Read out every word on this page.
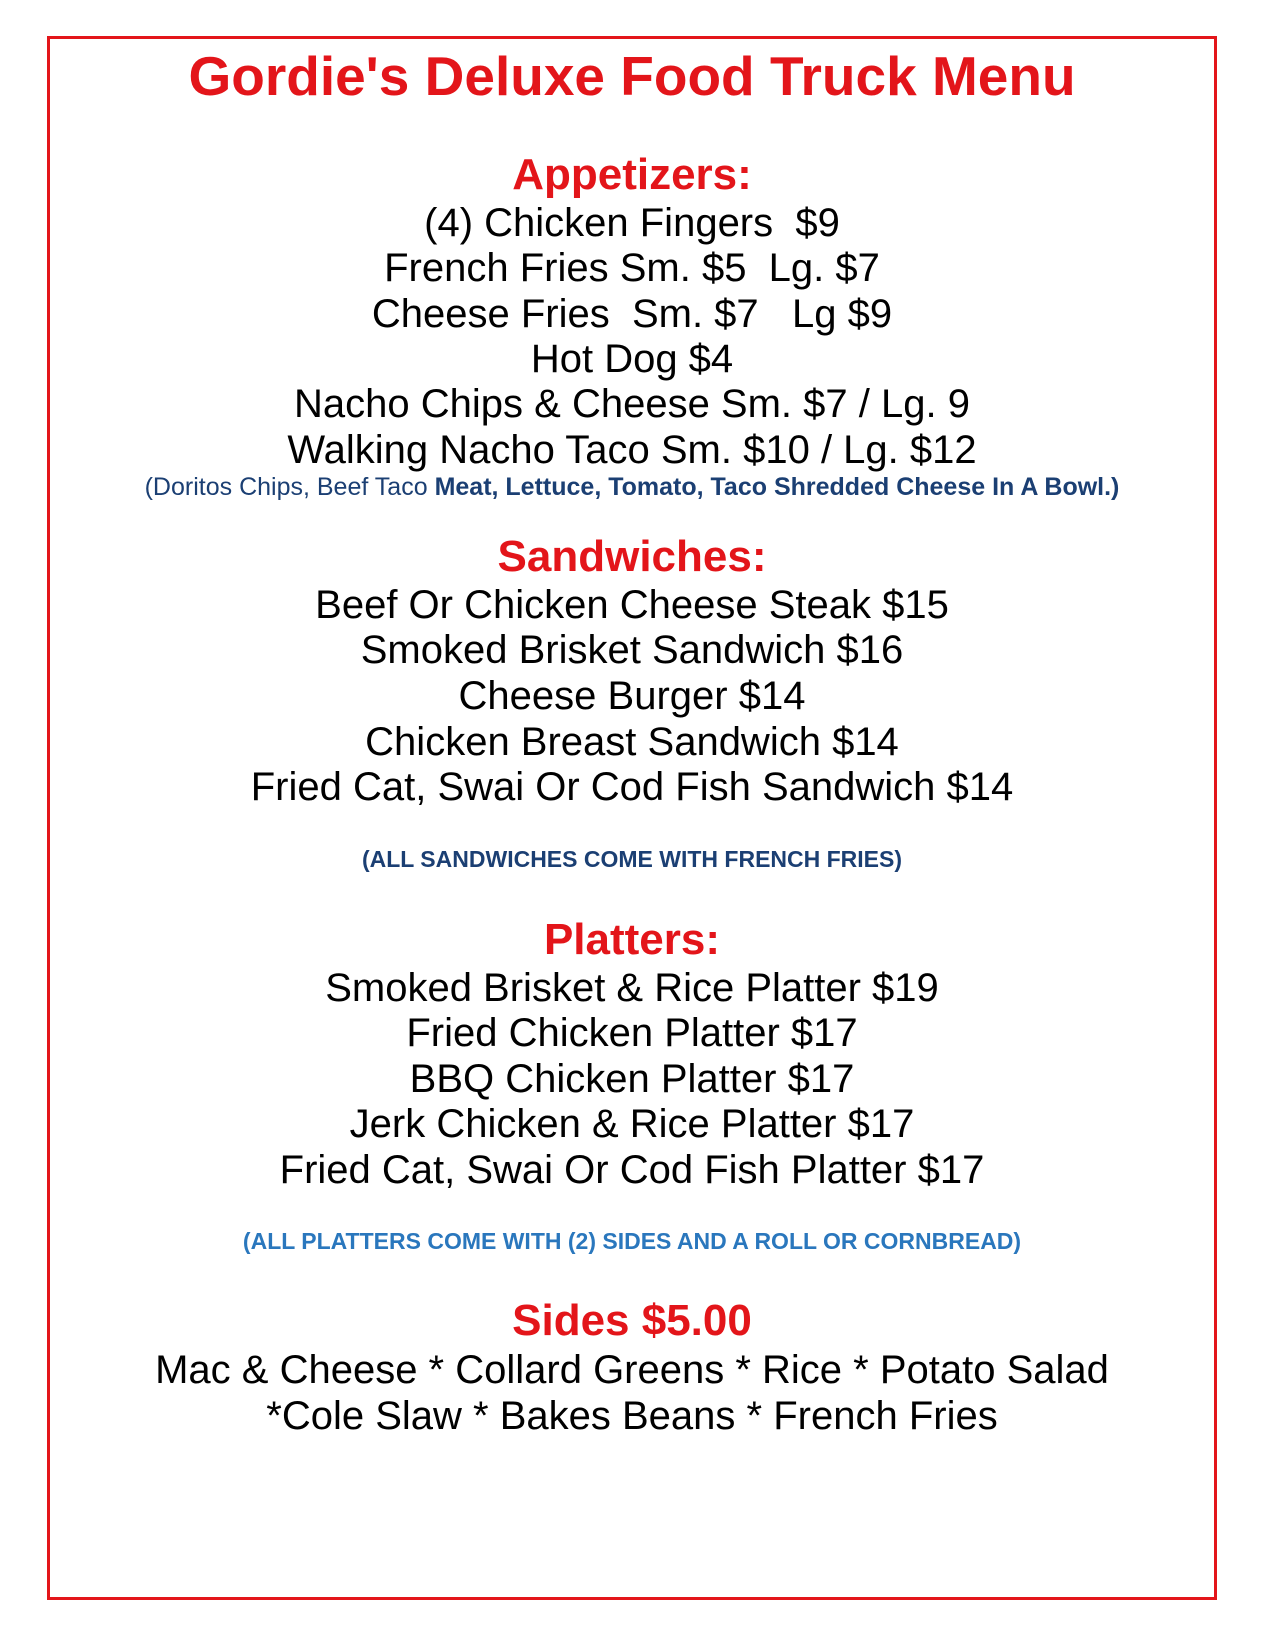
Gordie's Deluxe Food Truck Menu
Appetizers:

(4) Chicken Fingers  $9

French Fries Sm. $5  Lg. $7

Cheese Fries  Sm. $7   Lg $9

Hot Dog $4

Nacho Chips & Cheese Sm. $7 / Lg. 9

Walking Nacho Taco Sm. $10 / Lg. $12

(Doritos Chips, Beef Taco Meat, Lettuce, Tomato, Taco Shredded Cheese In A Bowl.)

Sandwiches:

Beef Or Chicken Cheese Steak $15

Smoked Brisket Sandwich $16

Cheese Burger $14

Chicken Breast Sandwich $14

Fried Cat, Swai Or Cod Fish Sandwich $14

(ALL SANDWICHES COME WITH FRENCH FRIES)

Platters:

Smoked Brisket & Rice Platter $19

Fried Chicken Platter $17

BBQ Chicken Platter $17

Jerk Chicken & Rice Platter $17

Fried Cat, Swai Or Cod Fish Platter $17

(ALL PLATTERS COME WITH (2) SIDES AND A ROLL OR CORNBREAD)

Sides $5.00

Mac & Cheese * Collard Greens * Rice * Potato Salad

*Cole Slaw * Bakes Beans * French Fries
